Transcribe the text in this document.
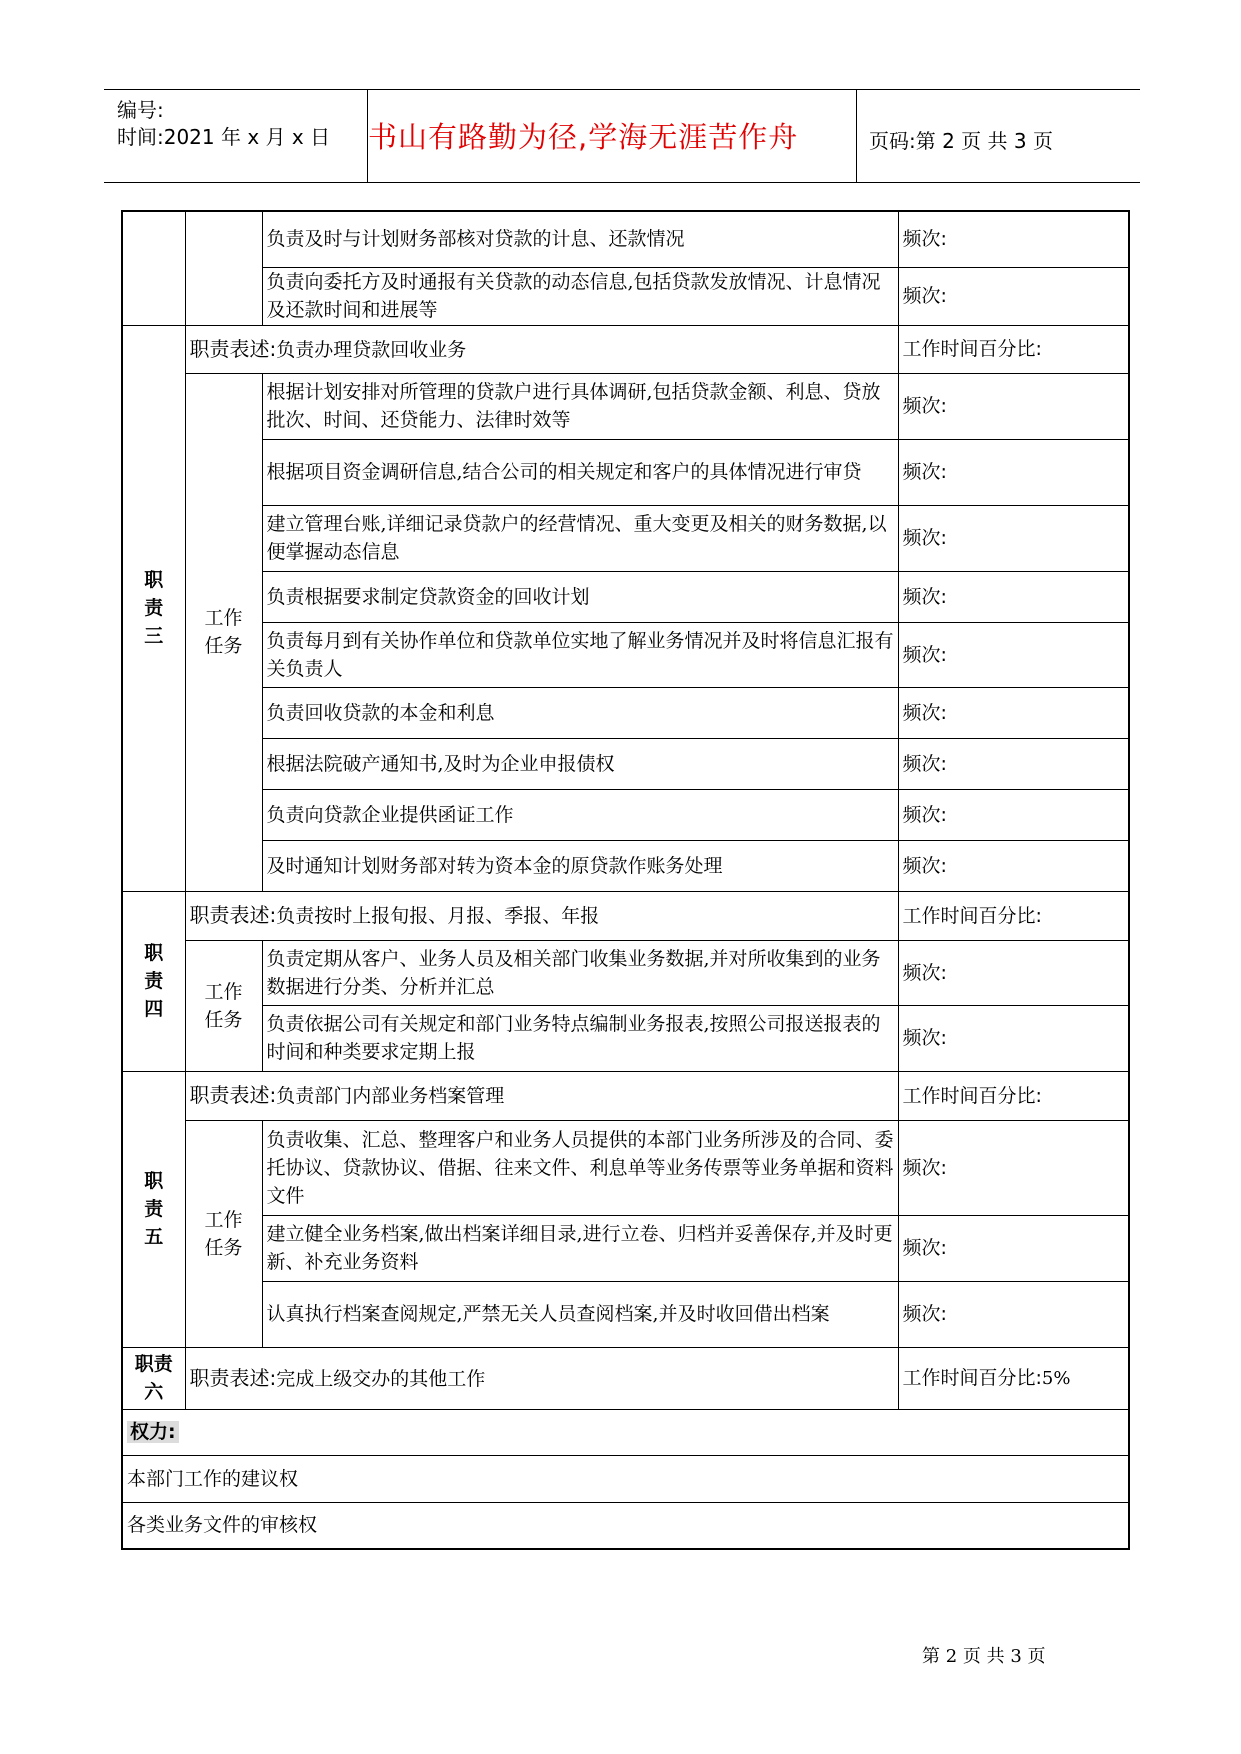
编号:
时间:2021 年 x 月 x 日 书山有路勤为径,学海无涯苦作舟	页码:第 2 页 共 3 页
		负责及时与计划财务部核对贷款的计息、还款情况	频次:
		负责向委托方及时通报有关贷款的动态信息,包括贷款发放情况、计息情况及还款时间和进展等	频次:

职
责
三	职责表述:负责办理贷款回收业务		工作时间百分比:

	工作
任务	根据计划安排对所管理的贷款户进行具体调研,包括贷款金额、利息、贷放批次、时间、还贷能力、法律时效等	频次:
		根据项目资金调研信息,结合公司的相关规定和客户的具体情况进行审贷	频次:
		建立管理台账,详细记录贷款户的经营情况、重大变更及相关的财务数据,以便掌握动态信息	频次:
		负责根据要求制定贷款资金的回收计划	频次:
		负责每月到有关协作单位和贷款单位实地了解业务情况并及时将信息汇报有关负责人	频次:
		负责回收贷款的本金和利息	频次:
		根据法院破产通知书,及时为企业申报债权	频次:
		负责向贷款企业提供函证工作	频次:
		及时通知计划财务部对转为资本金的原贷款作账务处理	频次:

职
责
四	职责表述:负责按时上报旬报、月报、季报、年报		工作时间百分比:

	工作
任务	负责定期从客户、业务人员及相关部门收集业务数据,并对所收集到的业务数据进行分类、分析并汇总	频次:
		负责依据公司有关规定和部门业务特点编制业务报表,按照公司报送报表的时间和种类要求定期上报	频次:

职
责
五	职责表述:负责部门内部业务档案管理		工作时间百分比:

	工作
任务	负责收集、汇总、整理客户和业务人员提供的本部门业务所涉及的合同、委托协议、贷款协议、借据、往来文件、利息单等业务传票等业务单据和资料文件	频次:
		建立健全业务档案,做出档案详细目录,进行立卷、归档并妥善保存,并及时更新、补充业务资料	频次:
		认真执行档案查阅规定,严禁无关人员查阅档案,并及时收回借出档案	频次:

职责
六	职责表述:完成上级交办的其他工作		工作时间百分比:5%
权力:			
本部门工作的建议权			
各类业务文件的审核权			
第 2 页 共 3 页
